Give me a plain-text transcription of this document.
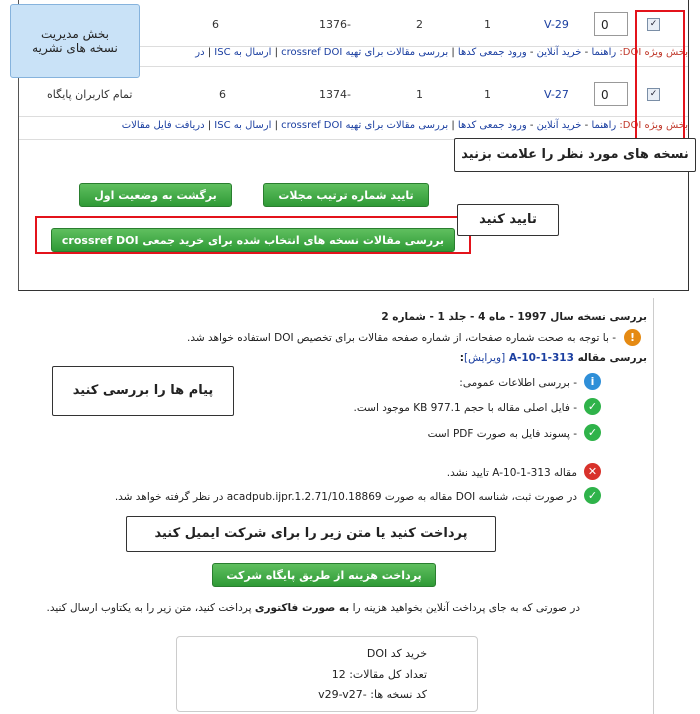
6	1376-	2	1	V-29	0	✓
بخش ویژه DOI: راهنما - خرید آنلاین - ورود جمعی کدها | بررسی مقالات برای تهیه crossref DOI | ارسال به ISC | در
تمام کاربران پایگاه	6	1374-	1	1	V-27	0	✓
بخش ویژه DOI: راهنما - خرید آنلاین - ورود جمعی کدها | بررسی مقالات برای تهیه crossref DOI | ارسال به ISC | دریافت فایل مقالات
تایید شماره ترتیب مجلات
برگشت به وضعیت اول
بررسی مقالات نسخه های انتخاب شده برای خرید جمعی crossref DOI
بخش مدیریت
نسخه های نشریه
نسخه های مورد نظر را علامت بزنید
تایید کنید
بررسی نسخه سال 1997 - ماه 4 - جلد 1 - شماره 2
!
- با توجه به صحت شماره صفحات، از شماره صفحه مقالات برای تخصیص DOI استفاده خواهد شد.
بررسی مقاله A-10-1-313 [ویرایش]:
i
- بررسی اطلاعات عمومی:
✓
- فایل اصلی مقاله با حجم KB 977.1 موجود است.
✓
- پسوند فایل به صورت PDF است
✕
مقاله A-10-1-313 تایید نشد.
✓
در صورت ثبت، شناسه DOI مقاله به صورت 10.18869/acadpub.ijpr.1.2.71 در نظر گرفته خواهد شد.
پرداخت کنید یا متن زیر را برای شرکت ایمیل کنید
پرداخت هزینه از طریق پایگاه شرکت
در صورتی که به جای پرداخت آنلاین بخواهید هزینه را به صورت فاکتوری پرداخت کنید، متن زیر را به یکتاوب ارسال کنید.
خرید کد DOI
تعداد کل مقالات: 12
کد نسخه ها: -v29-v27
پیام ها را بررسی کنید
